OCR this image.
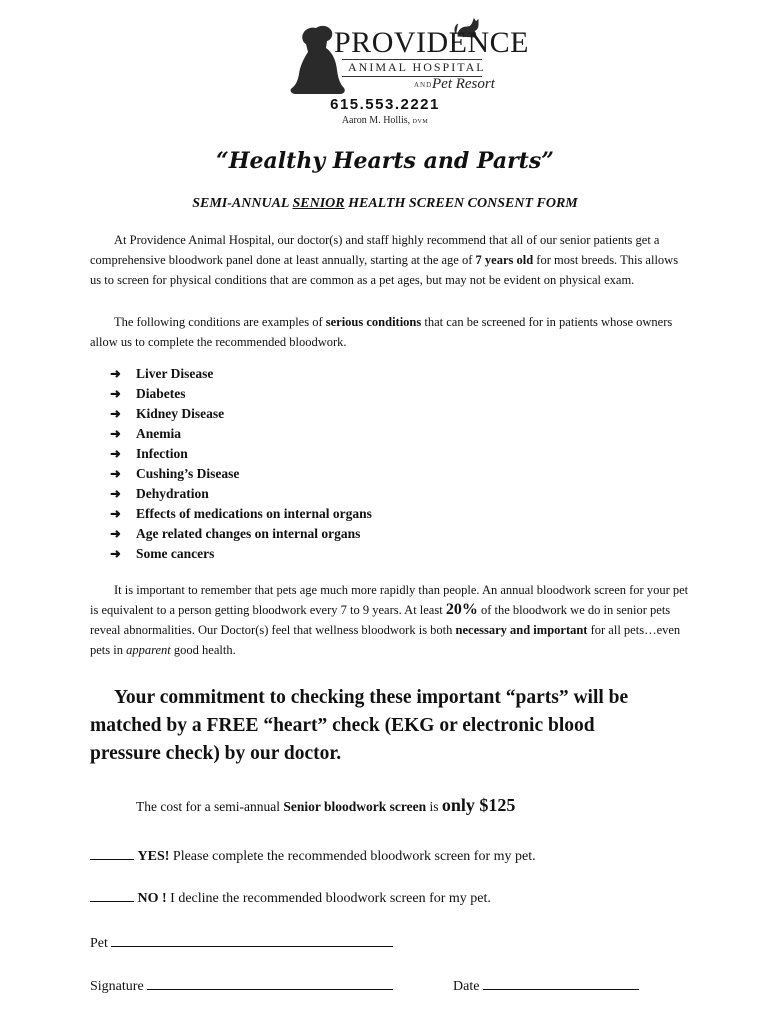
PROVIDENCE
ANIMAL HOSPITAL
AND Pet Resort
615.553.2221
Aaron M. Hollis, DVM
“Healthy Hearts and Parts”
SEMI-ANNUAL SENIOR HEALTH SCREEN CONSENT FORM

At Providence Animal Hospital, our doctor(s) and staff highly recommend that all of our senior patients get a comprehensive bloodwork panel done at least annually, starting at the age of 7 years old for most breeds. This allows us to screen for physical conditions that are common as a pet ages, but may not be evident on physical exam.

The following conditions are examples of serious conditions that can be screened for in patients whose owners allow us to complete the recommended bloodwork.

➜ Liver Disease
➜ Diabetes
➜ Kidney Disease
➜ Anemia
➜ Infection
➜ Cushing’s Disease
➜ Dehydration
➜ Effects of medications on internal organs
➜ Age related changes on internal organs
➜ Some cancers

It is important to remember that pets age much more rapidly than people. An annual bloodwork screen for your pet is equivalent to a person getting bloodwork every 7 to 9 years. At least 20% of the bloodwork we do in senior pets reveal abnormalities. Our Doctor(s) feel that wellness bloodwork is both necessary and important for all pets…even pets in apparent good health.

Your commitment to checking these important “parts” will be
matched by a FREE “heart” check (EKG or electronic blood
pressure check) by our doctor.
The cost for a semi-annual Senior bloodwork screen is only $125
YES! Please complete the recommended bloodwork screen for my pet.
NO ! I decline the recommended bloodwork screen for my pet.
Pet
Signature	Date
